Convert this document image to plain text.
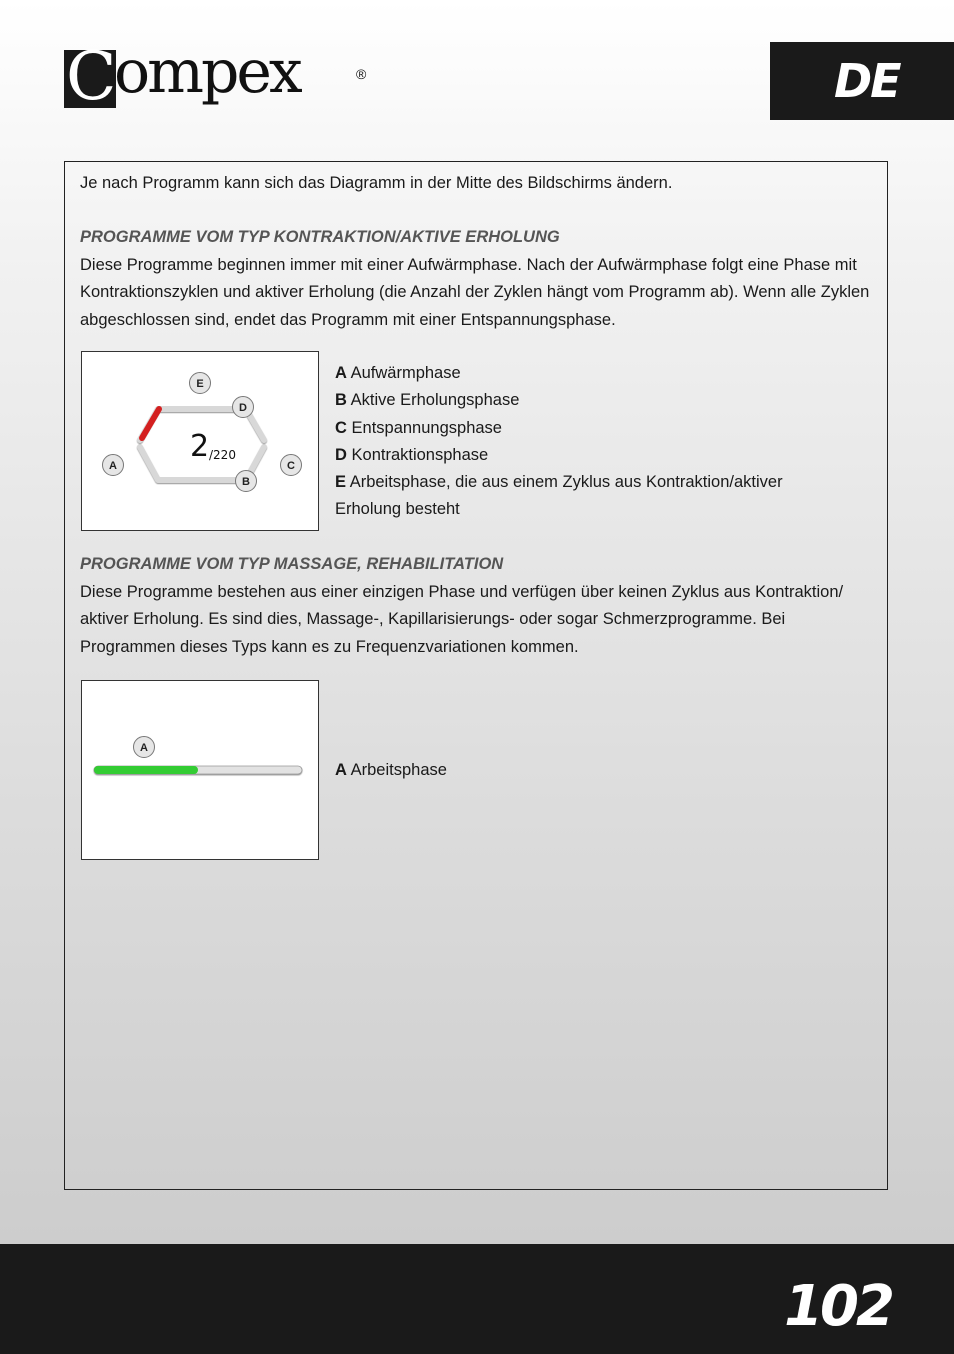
C
ompex	®	DE
Je nach Programm kann sich das Diagramm in der Mitte des Bildschirms ändern.
PROGRAMME VOM TYP KONTRAKTION/AKTIVE ERHOLUNG
Diese Programme beginnen immer mit einer Aufwärmphase. Nach der Aufwärmphase folgt eine Phase mit Kontraktionszyklen und aktiver Erholung (die Anzahl der Zyklen hängt vom Programm ab). Wenn alle Zyklen abgeschlossen sind, endet das Programm mit einer Entspannungsphase.
2 /220
E
D
A	C
B
A Aufwärmphase
B Aktive Erholungsphase
C Entspannungsphase
D Kontraktionsphase
E Arbeitsphase, die aus einem Zyklus aus Kontraktion/aktiver Erholung besteht
PROGRAMME VOM TYP MASSAGE, REHABILITATION
Diese Programme bestehen aus einer einzigen Phase und verfügen über keinen Zyklus aus Kontraktion/ aktiver Erholung. Es sind dies, Massage-, Kapillarisierungs- oder sogar Schmerzprogramme. Bei Programmen dieses Typs kann es zu Frequenzvariationen kommen.
A
A Arbeitsphase
102
